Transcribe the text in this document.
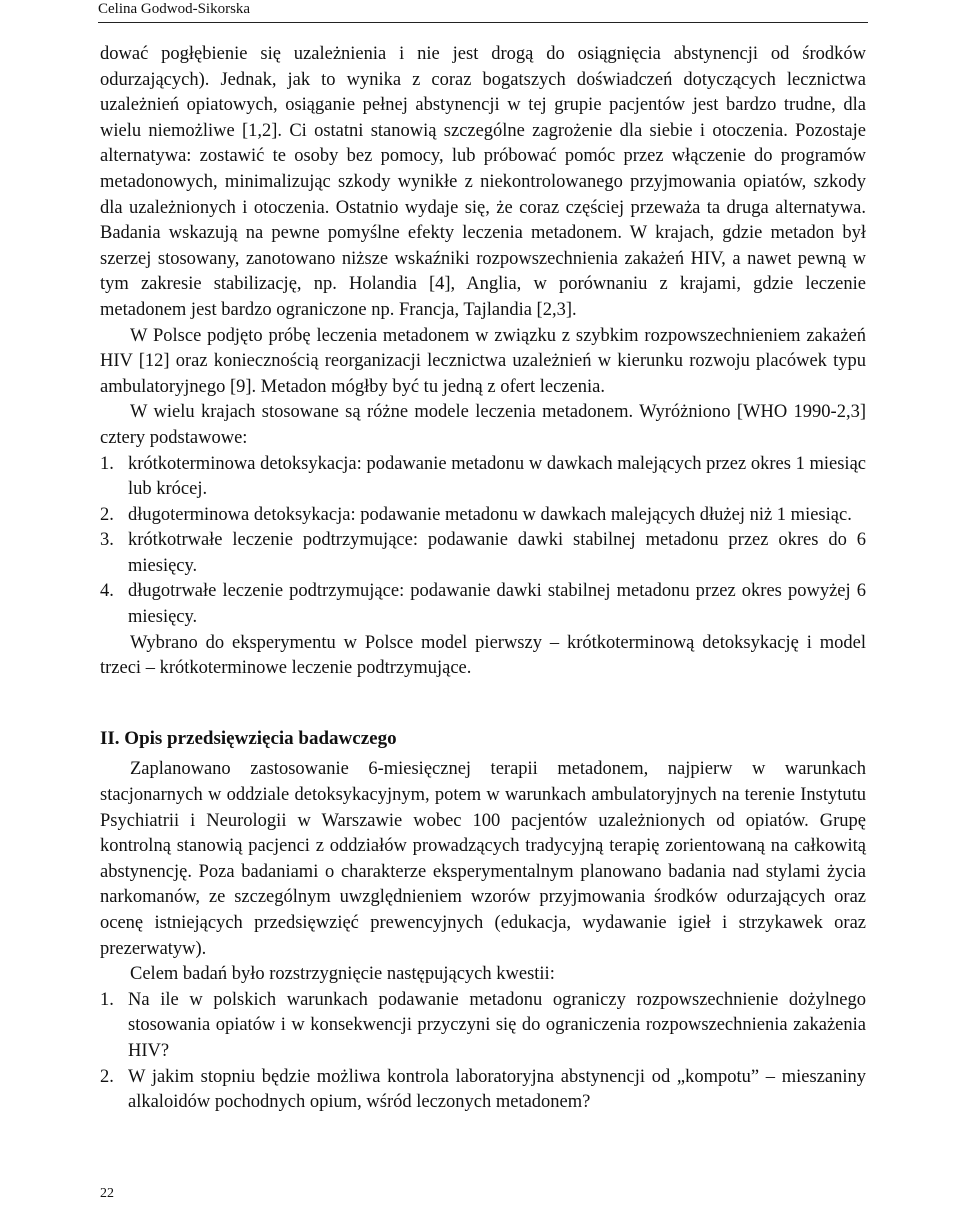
Celina Godwod-Sikorska

dować pogłębienie się uzależnienia i nie jest drogą do osiągnięcia abstynencji od środków odurzających). Jednak, jak to wynika z coraz bogatszych doświadczeń dotyczących lecznictwa uzależnień opiatowych, osiąganie pełnej abstynencji w tej grupie pacjentów jest bardzo trudne, dla wielu niemożliwe [1,2]. Ci ostatni stanowią szczególne zagrożenie dla siebie i otoczenia. Pozostaje alternatywa: zostawić te osoby bez pomocy, lub próbować pomóc przez włączenie do programów metadonowych, minimalizując szkody wynikłe z niekontrolowanego przyjmowania opiatów, szkody dla uzależnionych i otoczenia. Ostatnio wydaje się, że coraz częściej przeważa ta druga alternatywa. Badania wskazują na pewne pomyślne efekty leczenia metadonem. W krajach, gdzie metadon był szerzej stosowany, zanotowano niższe wskaźniki rozpowszechnienia zakażeń HIV, a nawet pewną w tym zakresie stabilizację, np. Holandia [4], Anglia, w porównaniu z krajami, gdzie leczenie metadonem jest bardzo ograniczone np. Francja, Tajlandia [2,3].

W Polsce podjęto próbę leczenia metadonem w związku z szybkim rozpowszechnieniem zakażeń HIV [12] oraz koniecznością reorganizacji lecznictwa uzależnień w kierunku rozwoju placówek typu ambulatoryjnego [9]. Metadon mógłby być tu jedną z ofert leczenia.

W wielu krajach stosowane są różne modele leczenia metadonem. Wyróżniono [WHO 1990-2,3] cztery podstawowe:

1. krótkoterminowa detoksykacja: podawanie metadonu w dawkach malejących przez okres 1 miesiąc lub krócej.
2. długoterminowa detoksykacja: podawanie metadonu w dawkach malejących dłużej niż 1 miesiąc.
3. krótkotrwałe leczenie podtrzymujące: podawanie dawki stabilnej metadonu przez okres do 6 miesięcy.
4. długotrwałe leczenie podtrzymujące: podawanie dawki stabilnej metadonu przez okres powyżej 6 miesięcy.

Wybrano do eksperymentu w Polsce model pierwszy – krótkoterminową detoksykację i model trzeci – krótkoterminowe leczenie podtrzymujące.

II. Opis przedsięwzięcia badawczego

Zaplanowano zastosowanie 6-miesięcznej terapii metadonem, najpierw w warunkach stacjonarnych w oddziale detoksykacyjnym, potem w warunkach ambulatoryjnych na terenie Instytutu Psychiatrii i Neurologii w Warszawie wobec 100 pacjentów uzależnionych od opiatów. Grupę kontrolną stanowią pacjenci z oddziałów prowadzących tradycyjną terapię zorientowaną na całkowitą abstynencję. Poza badaniami o charakterze eksperymentalnym planowano badania nad stylami życia narkomanów, ze szczególnym uwzględnieniem wzorów przyjmowania środków odurzających oraz ocenę istniejących przedsięwzięć prewencyjnych (edukacja, wydawanie igieł i strzykawek oraz prezerwatyw).

Celem badań było rozstrzygnięcie następujących kwestii:

1. Na ile w polskich warunkach podawanie metadonu ograniczy rozpowszechnienie dożylnego stosowania opiatów i w konsekwencji przyczyni się do ograniczenia rozpowszechnienia zakażenia HIV?
2. W jakim stopniu będzie możliwa kontrola laboratoryjna abstynencji od „kompotu” – mieszaniny alkaloidów pochodnych opium, wśród leczonych metadonem?
22
